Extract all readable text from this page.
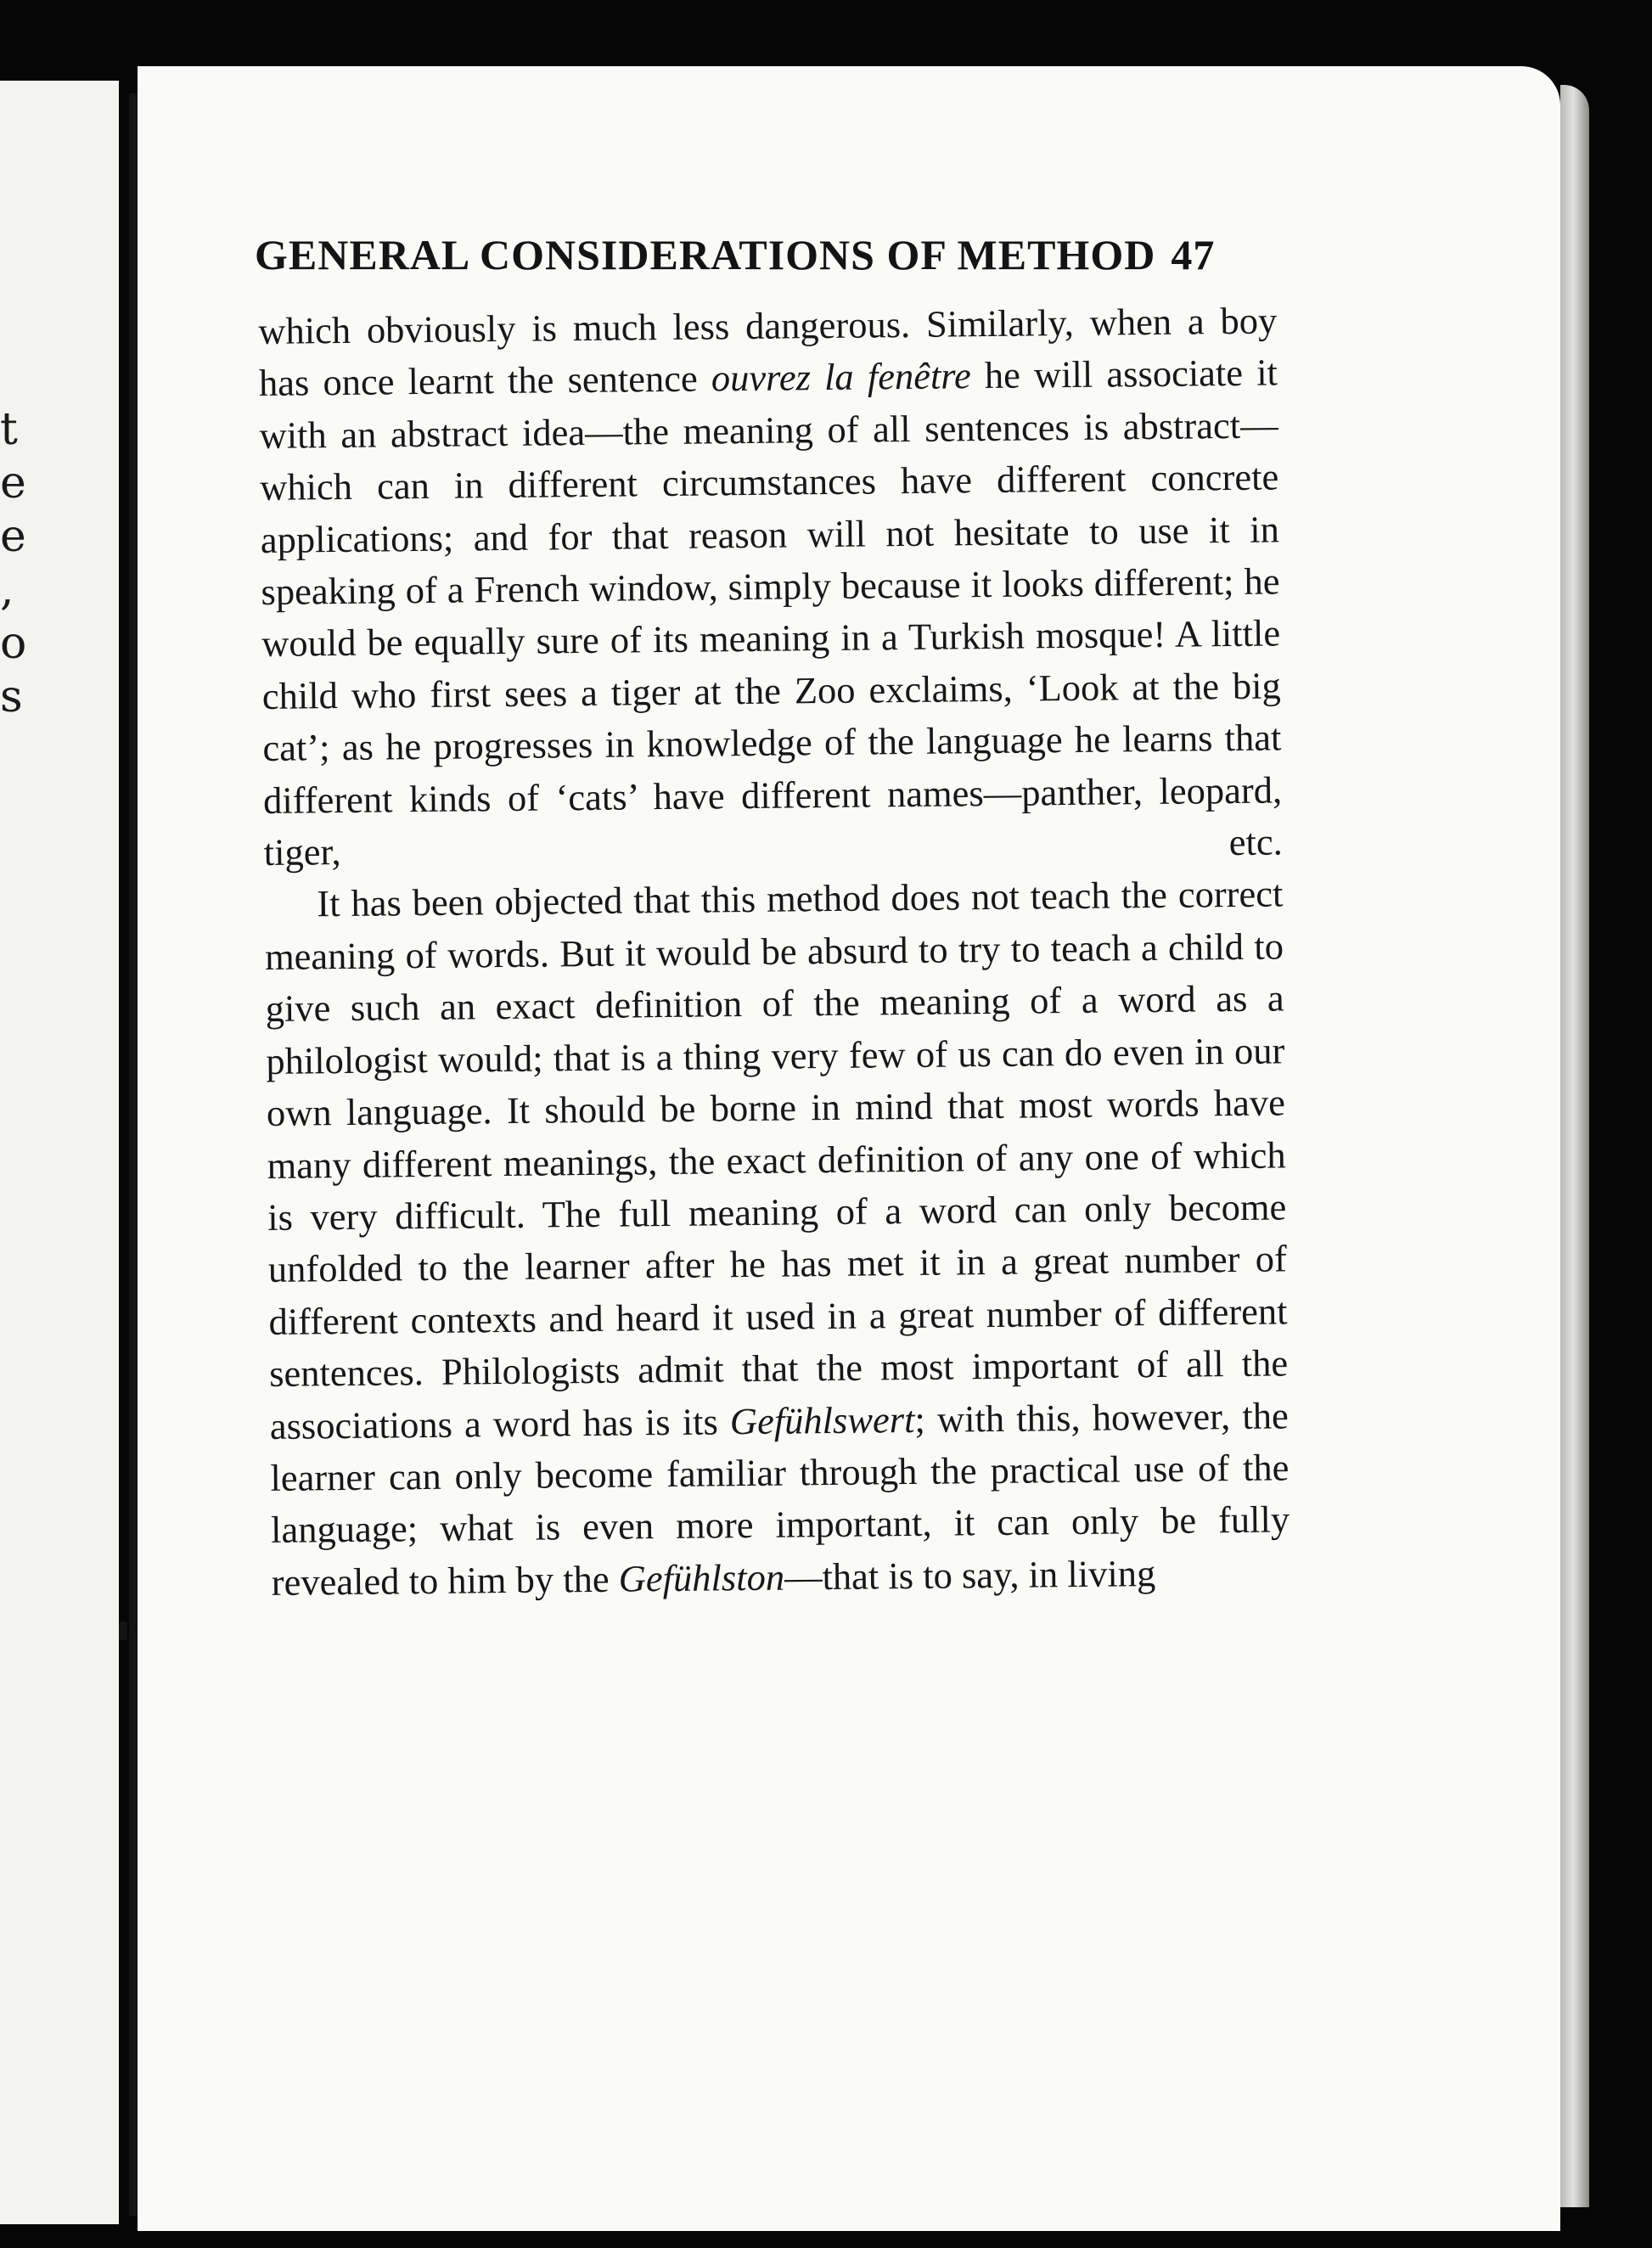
t
e
e
,
o
s
GENERAL CONSIDERATIONS OF METHOD 47

which obviously is much less dangerous. Similarly, when a boy has once learnt the sentence ouvrez la fenêtre he will associate it with an abstract idea—the meaning of all sentences is abstract—which can in different circumstances have different concrete applications; and for that reason will not hesitate to use it in speaking of a French window, simply because it looks different; he would be equally sure of its meaning in a Turkish mosque! A little child who first sees a tiger at the Zoo exclaims, ‘Look at the big cat’; as he progresses in knowledge of the language he learns that different kinds of ‘cats’ have different names—panther, leopard, tiger, etc.

It has been objected that this method does not teach the correct meaning of words. But it would be absurd to try to teach a child to give such an exact definition of the meaning of a word as a philologist would; that is a thing very few of us can do even in our own language. It should be borne in mind that most words have many different meanings, the exact definition of any one of which is very difficult. The full meaning of a word can only become unfolded to the learner after he has met it in a great number of different contexts and heard it used in a great number of different sentences. Philologists admit that the most important of all the associations a word has is its Gefühlswert; with this, however, the learner can only become familiar through the practical use of the language; what is even more important, it can only be fully revealed to him by the Gefühlston—that is to say, in living
